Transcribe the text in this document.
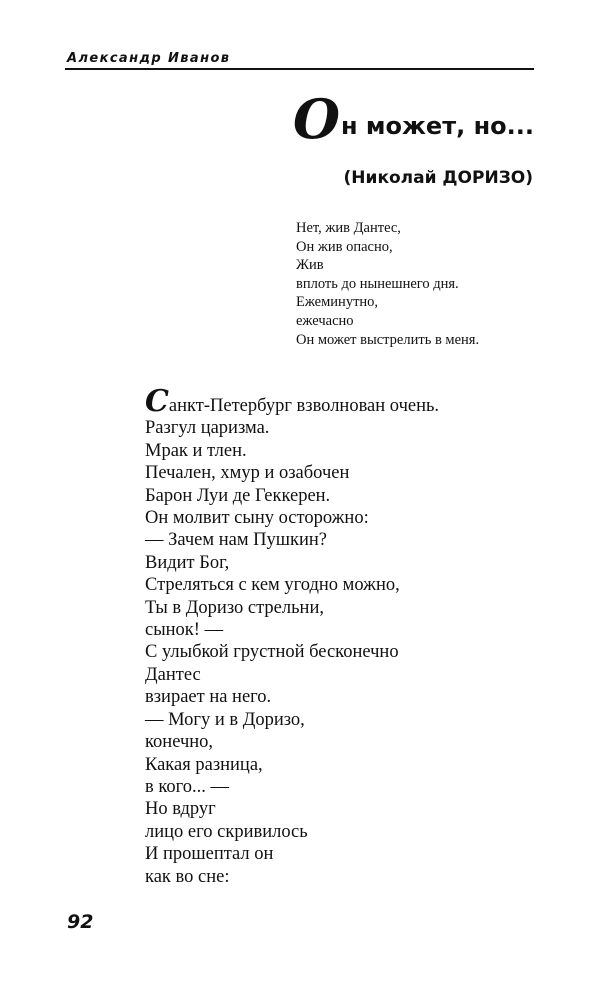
Александр Иванов
О н может, но...
(Николай ДОРИЗО)
Нет, жив Дантес,
Он жив опасно,
Жив
вплоть до нынешнего дня.
Ежеминутно,
ежечасно
Он может выстрелить в меня.
Санкт-Петербург взволнован очень.
Разгул царизма.
Мрак и тлен.
Печален, хмур и озабочен
Барон Луи де Геккерен.
Он молвит сыну осторожно:
— Зачем нам Пушкин?
Видит Бог,
Стреляться с кем угодно можно,
Ты в Доризо стрельни,
сынок! —
С улыбкой грустной бесконечно
Дантес
взирает на него.
— Могу и в Доризо,
конечно,
Какая разница,
в кого... —
Но вдруг
лицо его скривилось
И прошептал он
как во сне:
92
